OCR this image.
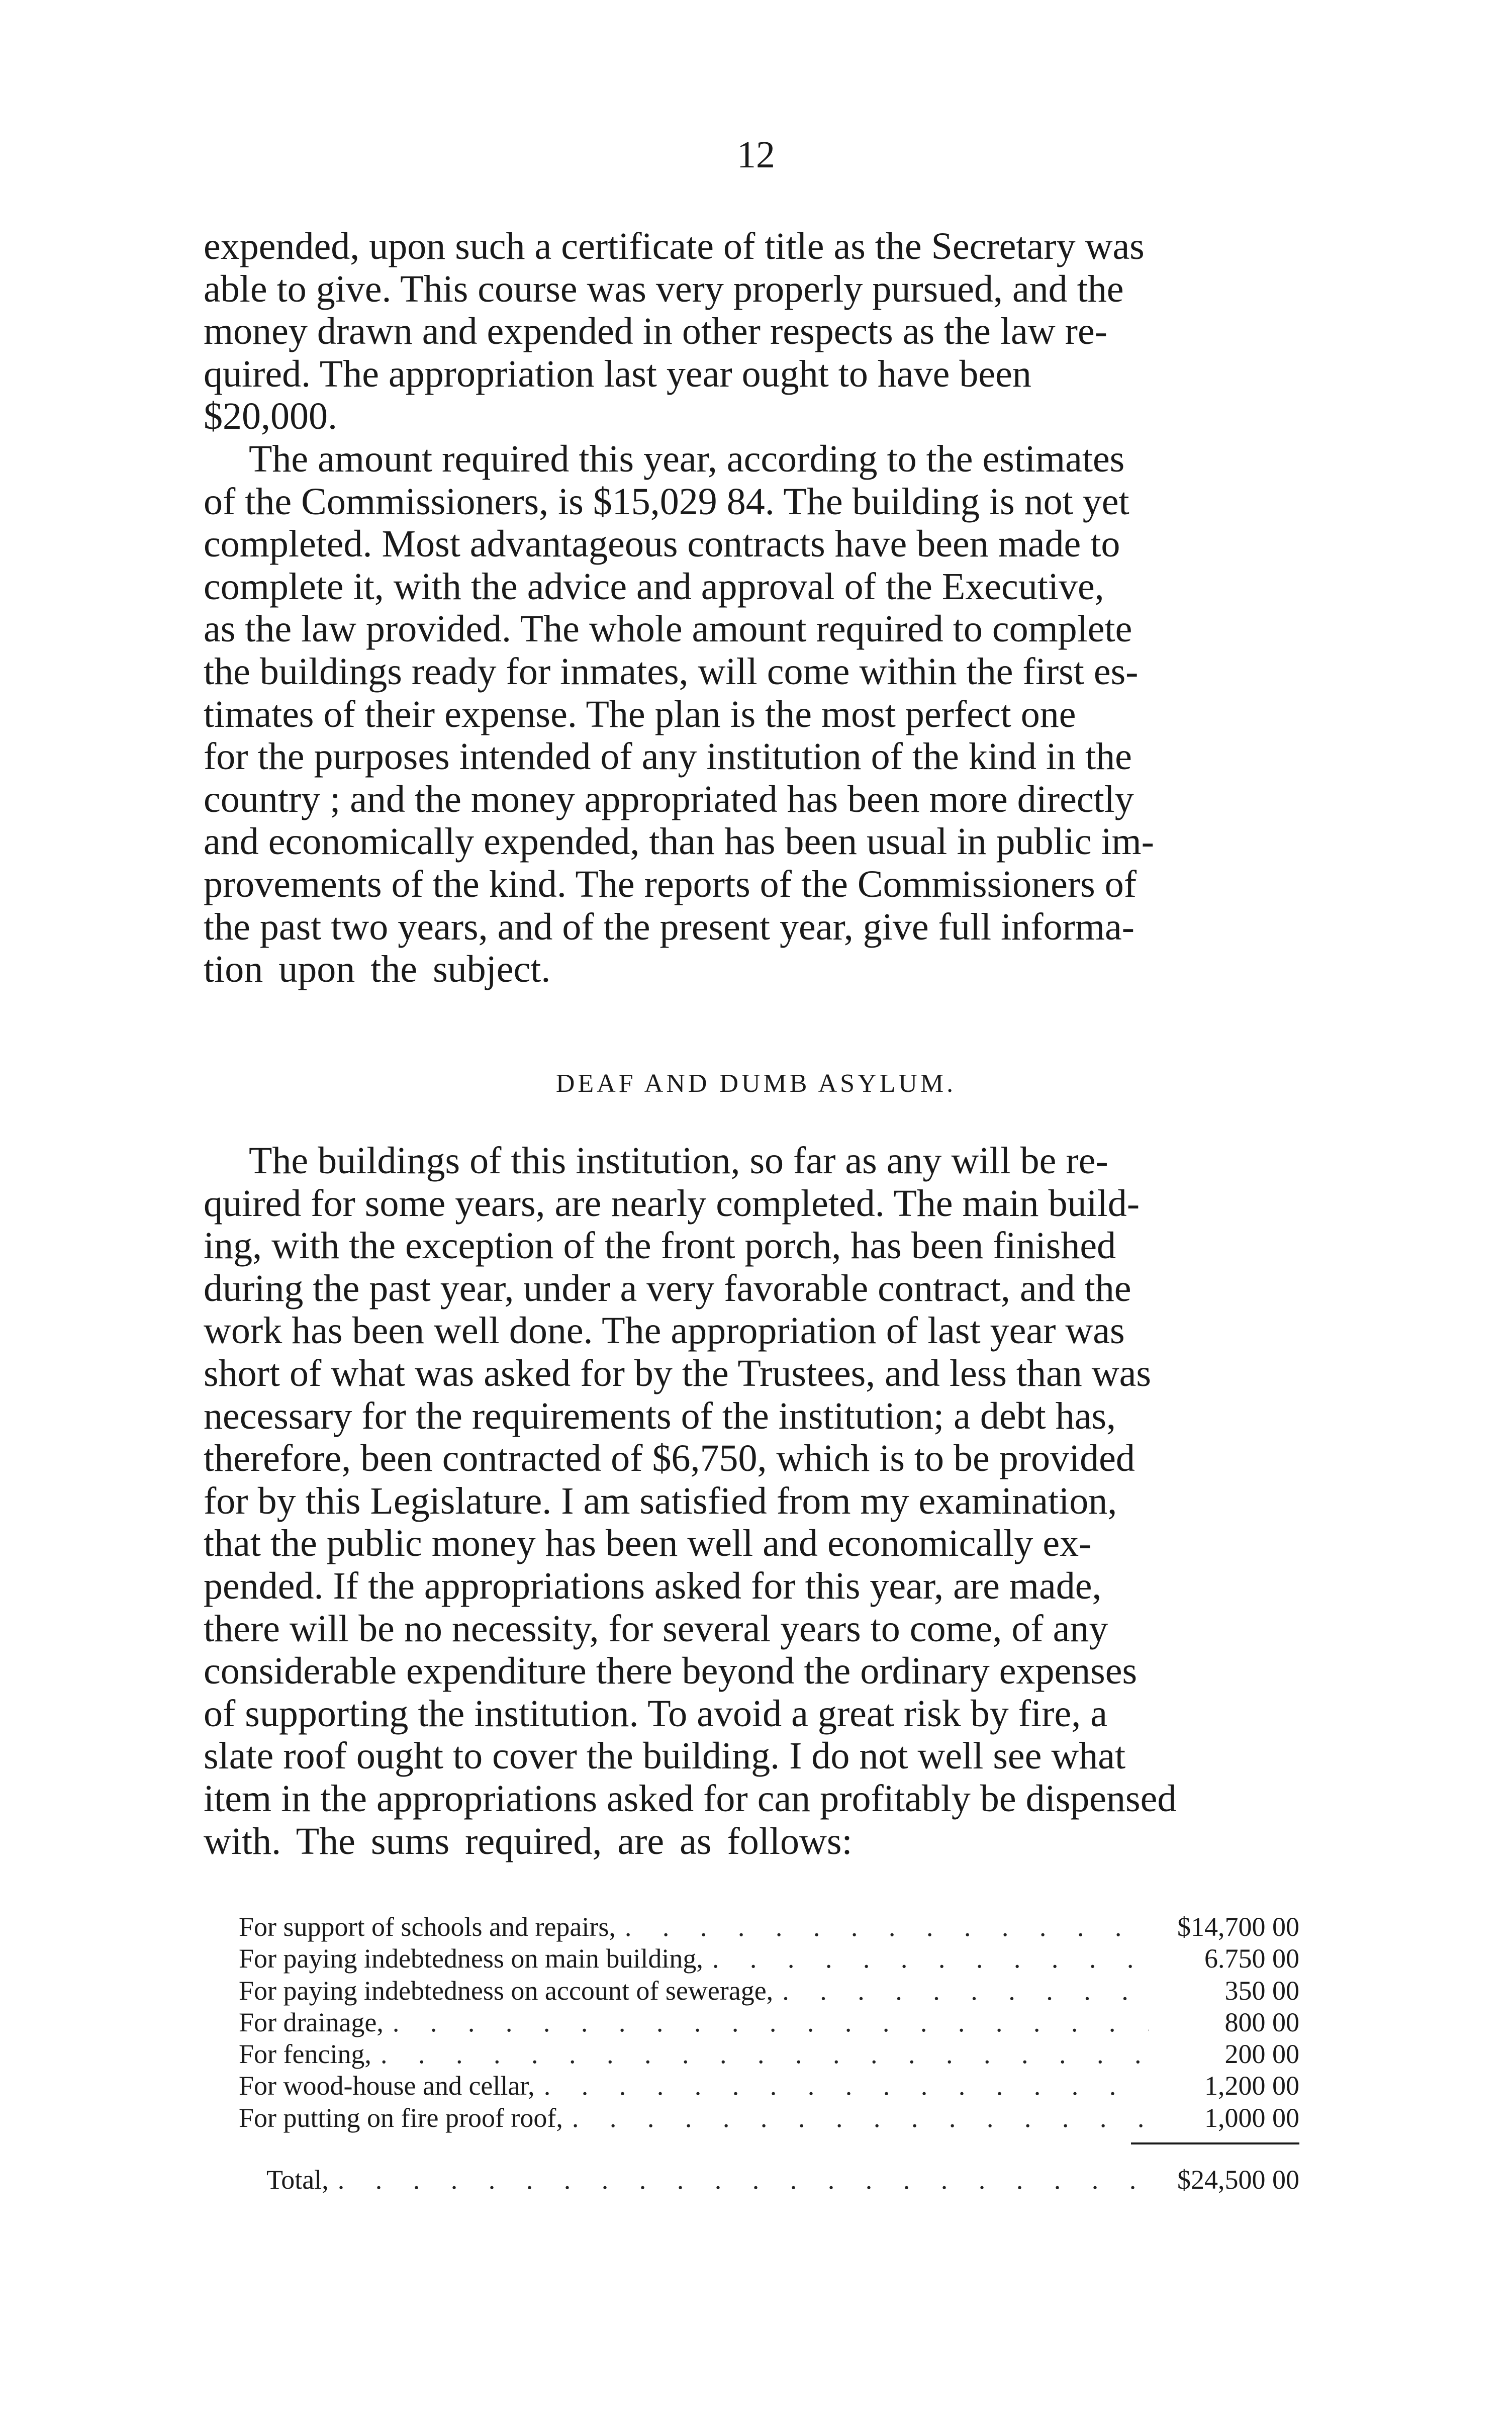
12
expended, upon such a certificate of title as the Secretary was
able to give. This course was very properly pursued, and the
money drawn and expended in other respects as the law re-
quired. The appropriation last year ought to have been
$20,000.
The amount required this year, according to the estimates
of the Commissioners, is $15,029 84. The building is not yet
completed. Most advantageous contracts have been made to
complete it, with the advice and approval of the Executive,
as the law provided. The whole amount required to complete
the buildings ready for inmates, will come within the first es-
timates of their expense. The plan is the most perfect one
for the purposes intended of any institution of the kind in the
country ; and the money appropriated has been more directly
and economically expended, than has been usual in public im-
provements of the kind. The reports of the Commissioners of
the past two years, and of the present year, give full informa-
tion upon the subject.
DEAF AND DUMB ASYLUM.
The buildings of this institution, so far as any will be re-
quired for some years, are nearly completed. The main build-
ing, with the exception of the front porch, has been finished
during the past year, under a very favorable contract, and the
work has been well done. The appropriation of last year was
short of what was asked for by the Trustees, and less than was
necessary for the requirements of the institution; a debt has,
therefore, been contracted of $6,750, which is to be provided
for by this Legislature. I am satisfied from my examination,
that the public money has been well and economically ex-
pended. If the appropriations asked for this year, are made,
there will be no necessity, for several years to come, of any
considerable expenditure there beyond the ordinary expenses
of supporting the institution. To avoid a great risk by fire, a
slate roof ought to cover the building. I do not well see what
item in the appropriations asked for can profitably be dispensed
with. The sums required, are as follows:
For support of schools and repairs, . . .	$14,700 00
For paying indebtedness on main building, . . .	6.750 00
For paying indebtedness on account of sewerage, . . .	350 00
For drainage, . . .	800 00
For fencing, . . .	200 00
For wood-house and cellar, . . .	1,200 00
For putting on fire proof roof, . . .	1,000 00
Total, . . .	$24,500 00
